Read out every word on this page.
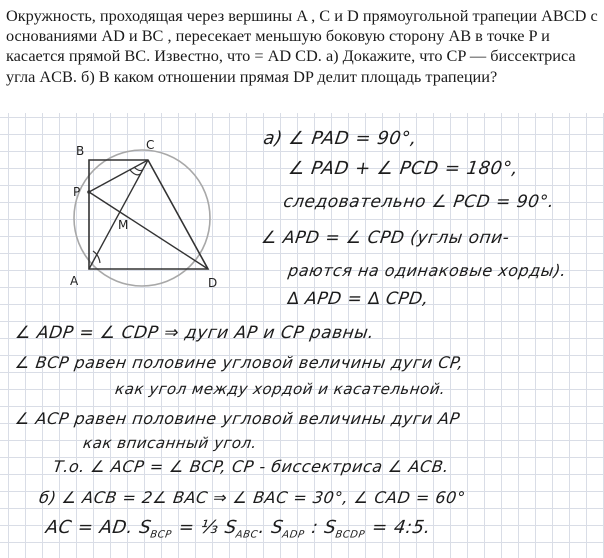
Окружность, проходящая через вершины A , C и D прямоугольной трапеции ABCD с основаниями AD и BC , пересекает меньшую боковую сторону AB в точке P и касается прямой BC. Известно, что = AD CD. а) Докажите, что CP — биссектриса угла ACB. б) В каком отношении прямая DP делит площадь трапеции?

B	C
P
M
A	D
а) ∠ PAD = 90°,
∠ PAD + ∠ PCD = 180°,
следовательно ∠ PCD = 90°.
∠ APD = ∠ CPD (углы опи-
раются на одинаковые хорды).
∆ APD = ∆ CPD,
∠ ADP = ∠ CDP ⇒ дуги AP и CP равны.
∠ BCP равен половине угловой величины дуги CP,
как угол между хордой и касательной.
∠ ACP равен половине угловой величины дуги AP
как вписанный угол.
Т.о. ∠ ACP = ∠ BCP, CP - биссектриса ∠ ACB.
б) ∠ ACB = 2∠ BAC ⇒ ∠ BAC = 30°, ∠ CAD = 60°
AC = AD. $S_{BCP}$ = ⅓ $S_{ABC}$. $S_{ADP}$ : $S_{BCDP}$ = 4:5.
